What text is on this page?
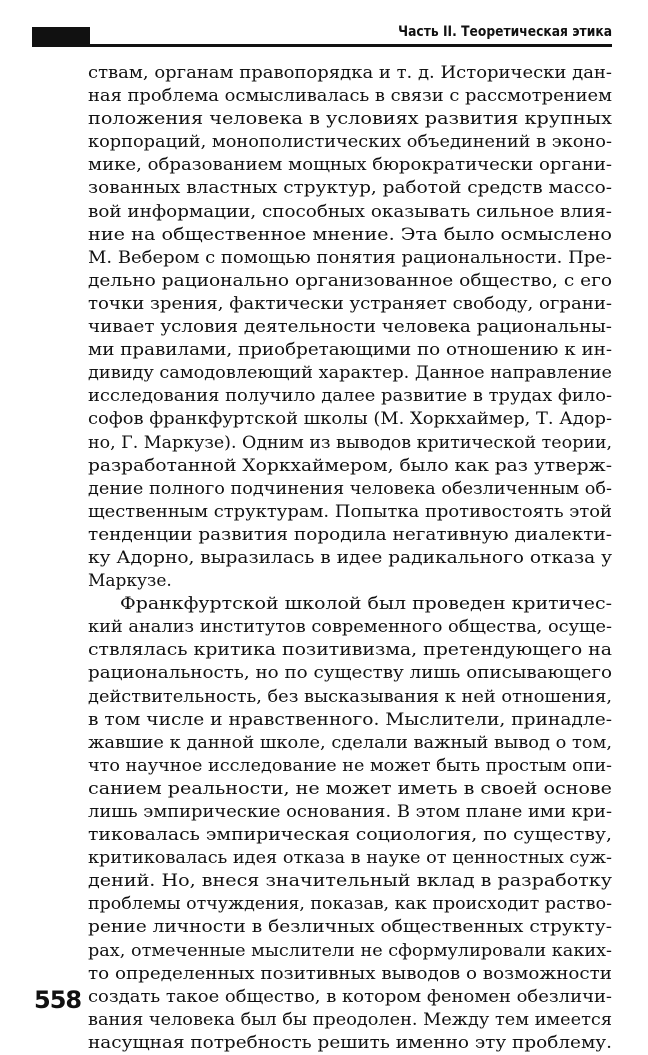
Часть II. Теоретическая этика
ствам, органам правопорядка и т. д. Исторически дан-
ная проблема осмысливалась в связи с рассмотрением
положения человека в условиях развития крупных
корпораций, монополистических объединений в эконо-
мике, образованием мощных бюрократически органи-
зованных властных структур, работой средств массо-
вой информации, способных оказывать сильное влия-
ние на общественное мнение. Эта было осмыслено
М. Вебером с помощью понятия рациональности. Пре-
дельно рационально организованное общество, с его
точки зрения, фактически устраняет свободу, ограни-
чивает условия деятельности человека рациональны-
ми правилами, приобретающими по отношению к ин-
дивиду самодовлеющий характер. Данное направление
исследования получило далее развитие в трудах фило-
софов франкфуртской школы (М. Хоркхаймер, Т. Адор-
но, Г. Маркузе). Одним из выводов критической теории,
разработанной Хоркхаймером, было как раз утверж-
дение полного подчинения человека обезличенным об-
щественным структурам. Попытка противостоять этой
тенденции развития породила негативную диалекти-
ку Адорно, выразилась в идее радикального отказа у
Маркузе.
Франкфуртской школой был проведен критичес-
кий анализ институтов современного общества, осуще-
ствлялась критика позитивизма, претендующего на
рациональность, но по существу лишь описывающего
действительность, без высказывания к ней отношения,
в том числе и нравственного. Мыслители, принадле-
жавшие к данной школе, сделали важный вывод о том,
что научное исследование не может быть простым опи-
санием реальности, не может иметь в своей основе
лишь эмпирические основания. В этом плане ими кри-
тиковалась эмпирическая социология, по существу,
критиковалась идея отказа в науке от ценностных суж-
дений. Но, внеся значительный вклад в разработку
проблемы отчуждения, показав, как происходит раство-
рение личности в безличных общественных структу-
рах, отмеченные мыслители не сформулировали каких-
то определенных позитивных выводов о возможности
создать такое общество, в котором феномен обезличи-
вания человека был бы преодолен. Между тем имеется
насущная потребность решить именно эту проблему.
558
